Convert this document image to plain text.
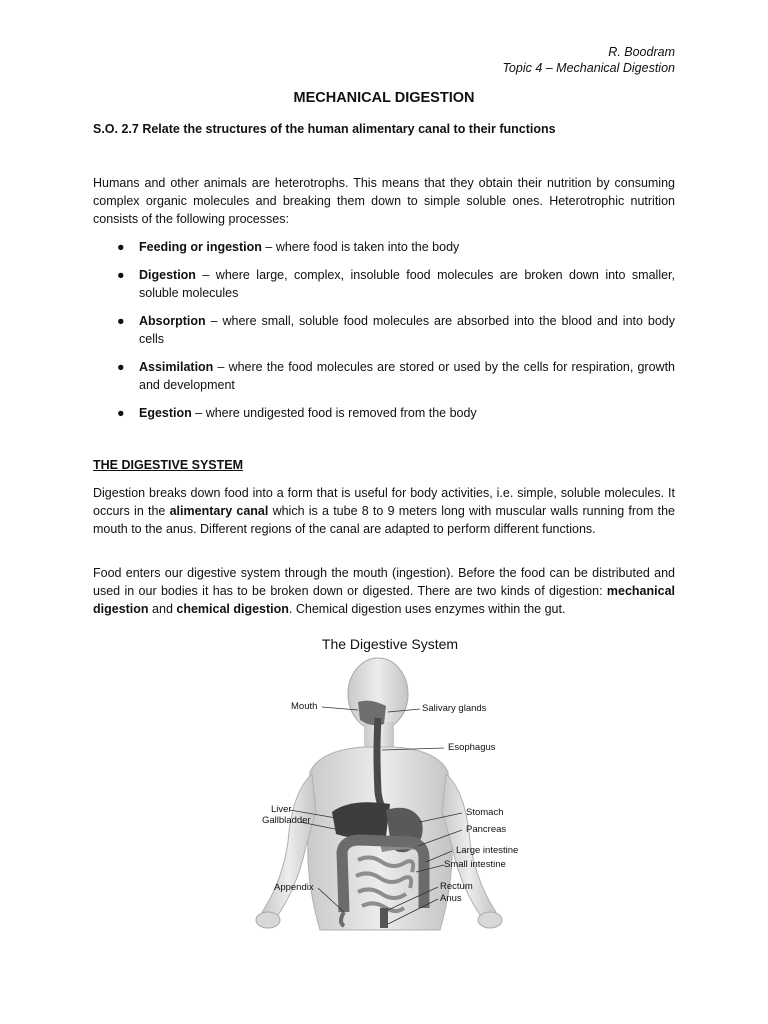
R. Boodram
Topic 4 – Mechanical Digestion
MECHANICAL DIGESTION
S.O. 2.7 Relate the structures of the human alimentary canal to their functions
Humans and other animals are heterotrophs. This means that they obtain their nutrition by consuming complex organic molecules and breaking them down to simple soluble ones. Heterotrophic nutrition consists of the following processes:
● Feeding or ingestion – where food is taken into the body
● Digestion – where large, complex, insoluble food molecules are broken down into smaller, soluble molecules
● Absorption – where small, soluble food molecules are absorbed into the blood and into body cells
● Assimilation – where the food molecules are stored or used by the cells for respiration, growth and development
● Egestion – where undigested food is removed from the body
THE DIGESTIVE SYSTEM
Digestion breaks down food into a form that is useful for body activities, i.e. simple, soluble molecules. It occurs in the alimentary canal which is a tube 8 to 9 meters long with muscular walls running from the mouth to the anus. Different regions of the canal are adapted to perform different functions.
Food enters our digestive system through the mouth (ingestion). Before the food can be distributed and used in our bodies it has to be broken down or digested. There are two kinds of digestion: mechanical digestion and chemical digestion. Chemical digestion uses enzymes within the gut.
The Digestive System
Mouth	Salivary glands
Esophagus
Liver
Gallbladder
Stomach
Pancreas
Large intestine
Small intestine
Appendix	Rectum
Anus
